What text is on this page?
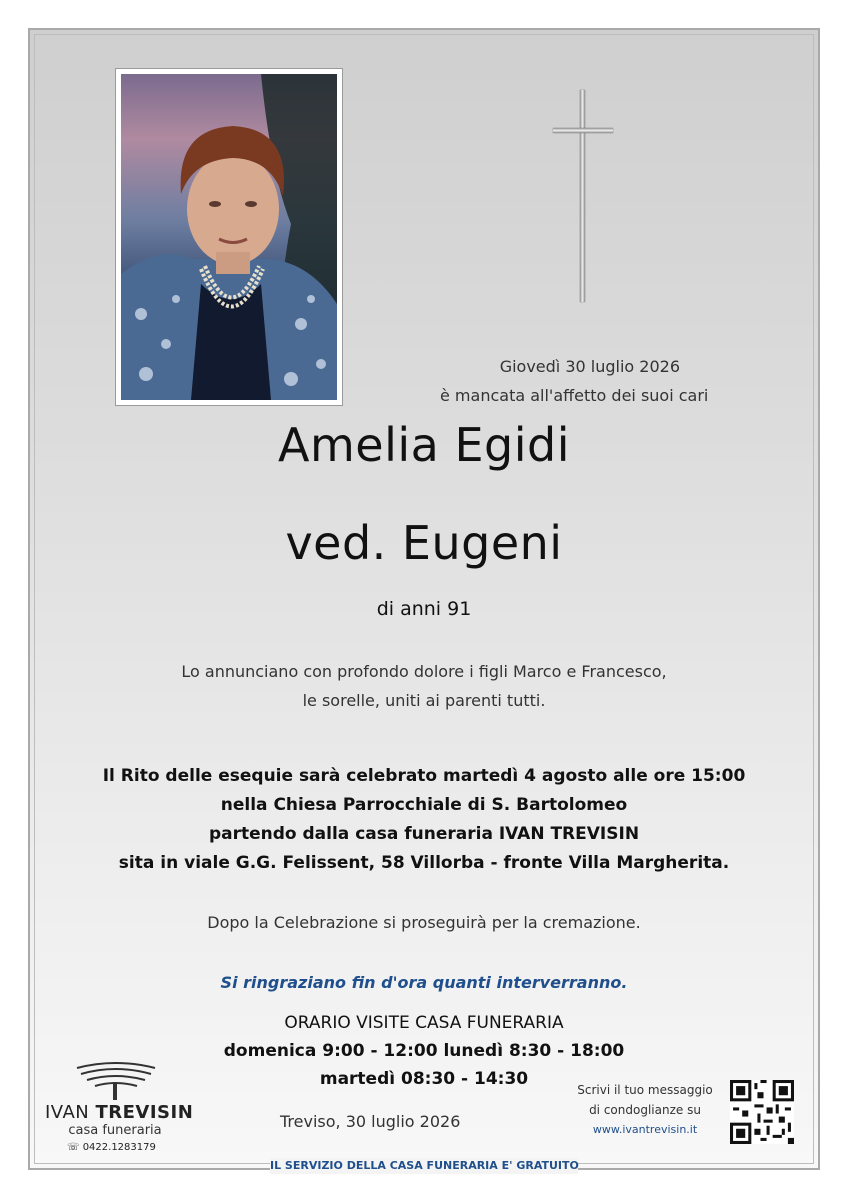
Giovedì 30 luglio 2026
è mancata all'affetto dei suoi cari
Amelia Egidi
ved. Eugeni
di anni 91
Lo annunciano con profondo dolore i figli Marco e Francesco,
le sorelle, uniti ai parenti tutti.
Il Rito delle esequie sarà celebrato martedì 4 agosto alle ore 15:00
nella Chiesa Parrocchiale di S. Bartolomeo
partendo dalla casa funeraria IVAN TREVISIN
sita in viale G.G. Felissent, 58 Villorba - fronte Villa Margherita.
Dopo la Celebrazione si proseguirà per la cremazione.
Si ringraziano fin d'ora quanti interverranno.
ORARIO VISITE CASA FUNERARIA
domenica 9:00 - 12:00 lunedì 8:30 - 18:00
martedì 08:30 - 14:30
IVAN TREVISIN
casa funeraria
☏ 0422.1283179
Treviso, 30 luglio 2026
Scrivi il tuo messaggio
di condoglianze su
www.ivantrevisin.it
IL SERVIZIO DELLA CASA FUNERARIA E' GRATUITO
